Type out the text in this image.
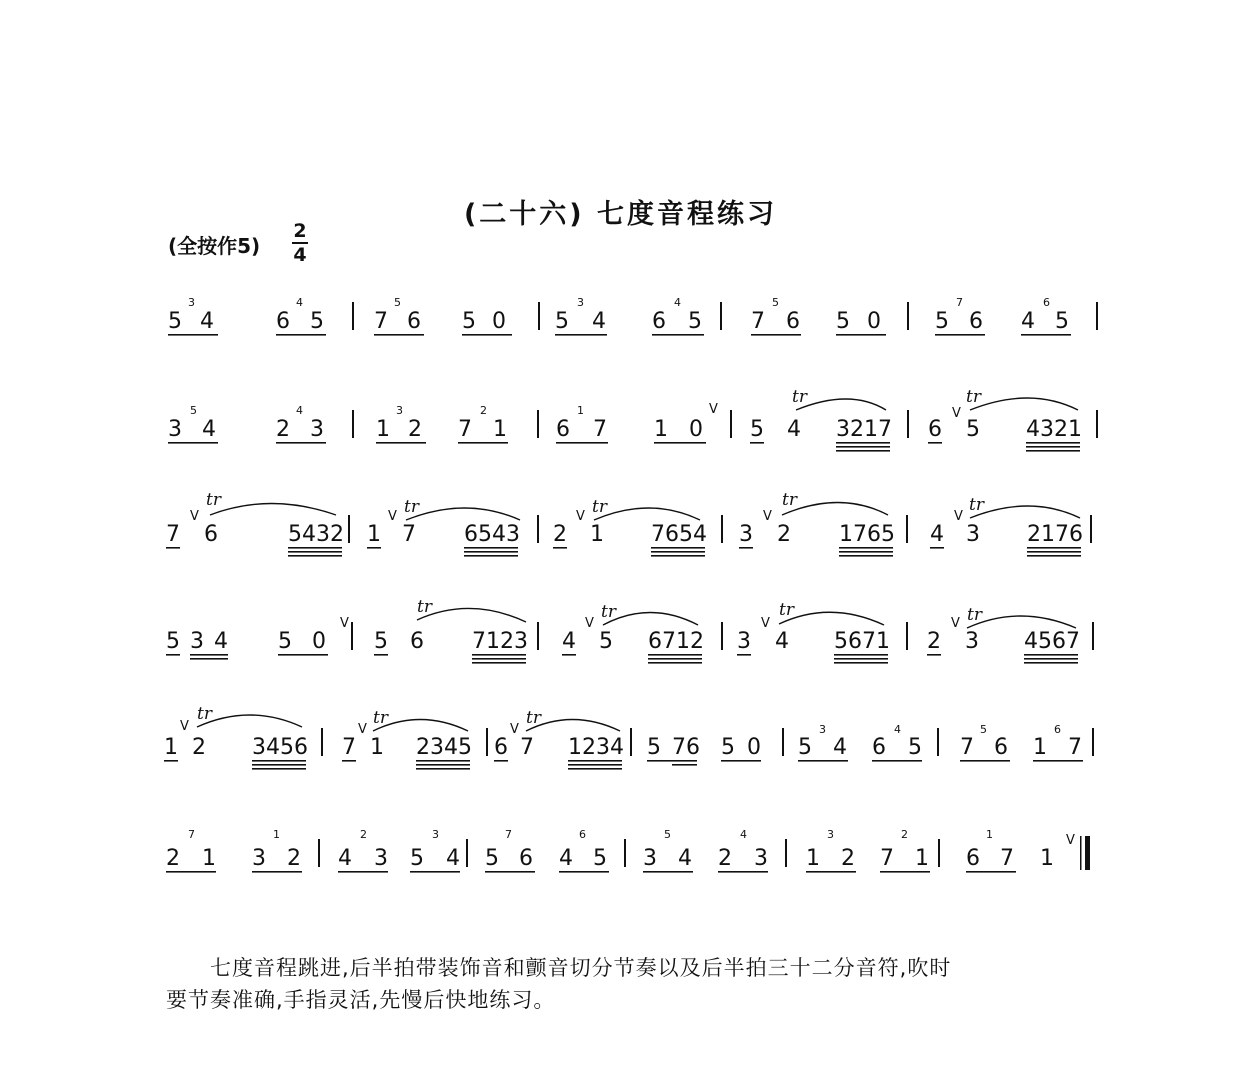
(二十六) 七度音程练习
(全按作5)
2
4
5
3
4	6
4
5 7
5
6 5 0 5
3
4 6
4
5 7
5
6 5 0 5
7
6 4
6
5
3
5
4	2
4
3 1
3
2 7
2
1 6
1
7 1 0
V
5 4 3217
tr
6
V
5 4321
tr
7
V
6	5432
tr
1
V
7 6543
tr
2
V
1 7654
tr
3
V
2 1765
tr
4
V
3 2176
tr
5 3 4 5 0
V
5 6 7123
tr
4
V
5 6712
tr
3
V
4 5671
tr
2
V
3 4567
tr
1
V
2 3456
tr
7
V
1 2345
tr
6
V
7 1234
tr
5 76 5 0 5
3
4 6
4
5 7
5
6 1
6
7
2
7
1 3
1
2 4
2
3 5
3
4 5
7
6 4
6
5 3
5
4 2
4
3 1
3
2 7
2
1 6
1
7 1
V
七度音程跳进,后半拍带装饰音和颤音切分节奏以及后半拍三十二分音符,吹时
要节奏准确,手指灵活,先慢后快地练习。
